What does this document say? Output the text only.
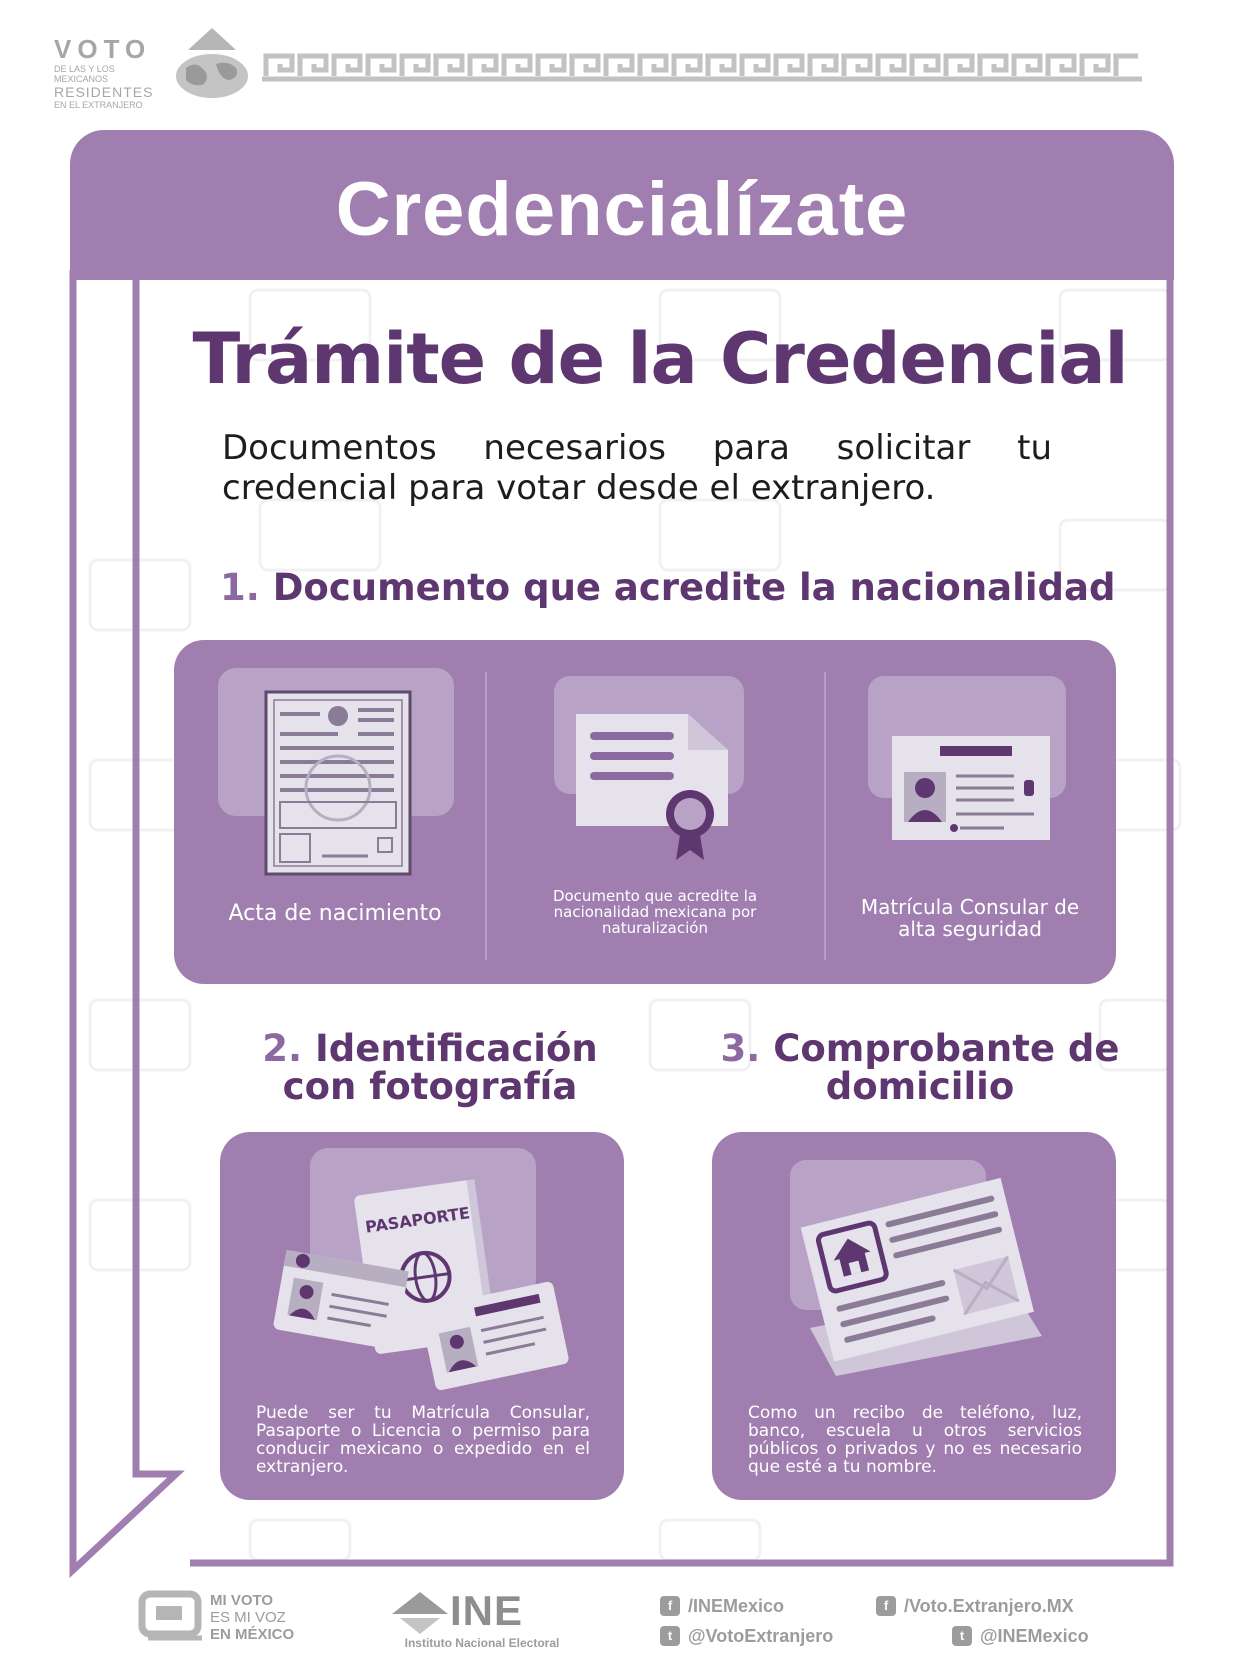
VOTO
DE LAS Y LOS MEXICANOS
RESIDENTES
EN EL EXTRANJERO
Credencialízate
Trámite de la Credencial
Documentos necesarios para solicitar tu credencial para votar desde el extranjero.
1. Documento que acredite la nacionalidad
Acta de nacimiento
Documento que acredite la nacionalidad mexicana por naturalización
Matrícula Consular de alta seguridad
2. Identificación con fotografía
PASAPORTE
Puede ser tu Matrícula Consular, Pasaporte o Licencia o permiso para conducir mexicano o expedido en el extranjero.
3. Comprobante de domicilio
Como un recibo de teléfono, luz, banco, escuela u otros servicios públicos o privados y no es necesario que esté a tu nombre.
MI VOTO
ES MI VOZ
EN MÉXICO
INE
Instituto Nacional Electoral
f /INEMexico
t @VotoExtranjero
f /Voto.Extranjero.MX
t @INEMexico
